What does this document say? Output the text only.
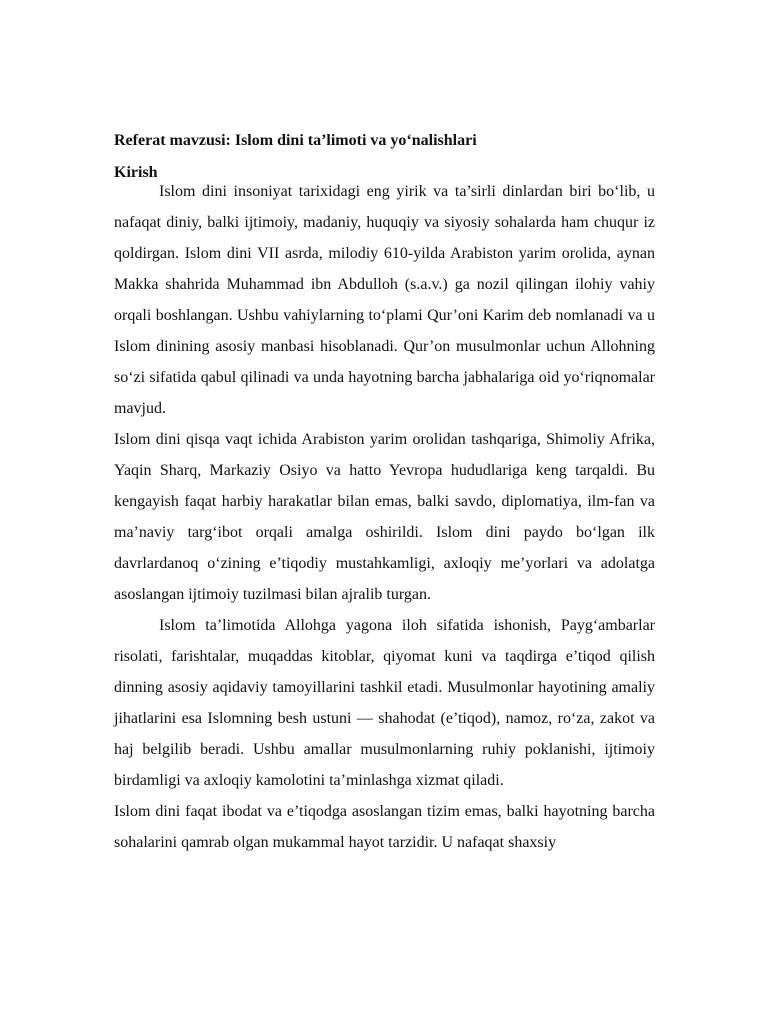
Referat mavzusi: Islom dini ta’limoti va yo‘nalishlari
Kirish

Islom dini insoniyat tarixidagi eng yirik va ta’sirli dinlardan biri bo‘lib, u nafaqat diniy, balki ijtimoiy, madaniy, huquqiy va siyosiy sohalarda ham chuqur iz qoldirgan. Islom dini VII asrda, milodiy 610-yilda Arabiston yarim orolida, aynan Makka shahrida Muhammad ibn Abdulloh (s.a.v.) ga nozil qilingan ilohiy vahiy orqali boshlangan. Ushbu vahiylarning to‘plami Qur’oni Karim deb nomlanadi va u Islom dinining asosiy manbasi hisoblanadi. Qur’on musulmonlar uchun Allohning so‘zi sifatida qabul qilinadi va unda hayotning barcha jabhalariga oid yo‘riqnomalar mavjud.

Islom dini qisqa vaqt ichida Arabiston yarim orolidan tashqariga, Shimoliy Afrika, Yaqin Sharq, Markaziy Osiyo va hatto Yevropa hududlariga keng tarqaldi. Bu kengayish faqat harbiy harakatlar bilan emas, balki savdo, diplomatiya, ilm-fan va ma’naviy targ‘ibot orqali amalga oshirildi. Islom dini paydo bo‘lgan ilk davrlardanoq o‘zining e’tiqodiy mustahkamligi, axloqiy me’yorlari va adolatga asoslangan ijtimoiy tuzilmasi bilan ajralib turgan.

Islom ta’limotida Allohga yagona iloh sifatida ishonish, Payg‘ambarlar risolati, farishtalar, muqaddas kitoblar, qiyomat kuni va taqdirga e’tiqod qilish dinning asosiy aqidaviy tamoyillarini tashkil etadi. Musulmonlar hayotining amaliy jihatlarini esa Islomning besh ustuni — shahodat (e’tiqod), namoz, ro‘za, zakot va haj belgilib beradi. Ushbu amallar musulmonlarning ruhiy poklanishi, ijtimoiy birdamligi va axloqiy kamolotini ta’minlashga xizmat qiladi.

Islom dini faqat ibodat va e’tiqodga asoslangan tizim emas, balki hayotning barcha sohalarini qamrab olgan mukammal hayot tarzidir. U nafaqat shaxsiy
